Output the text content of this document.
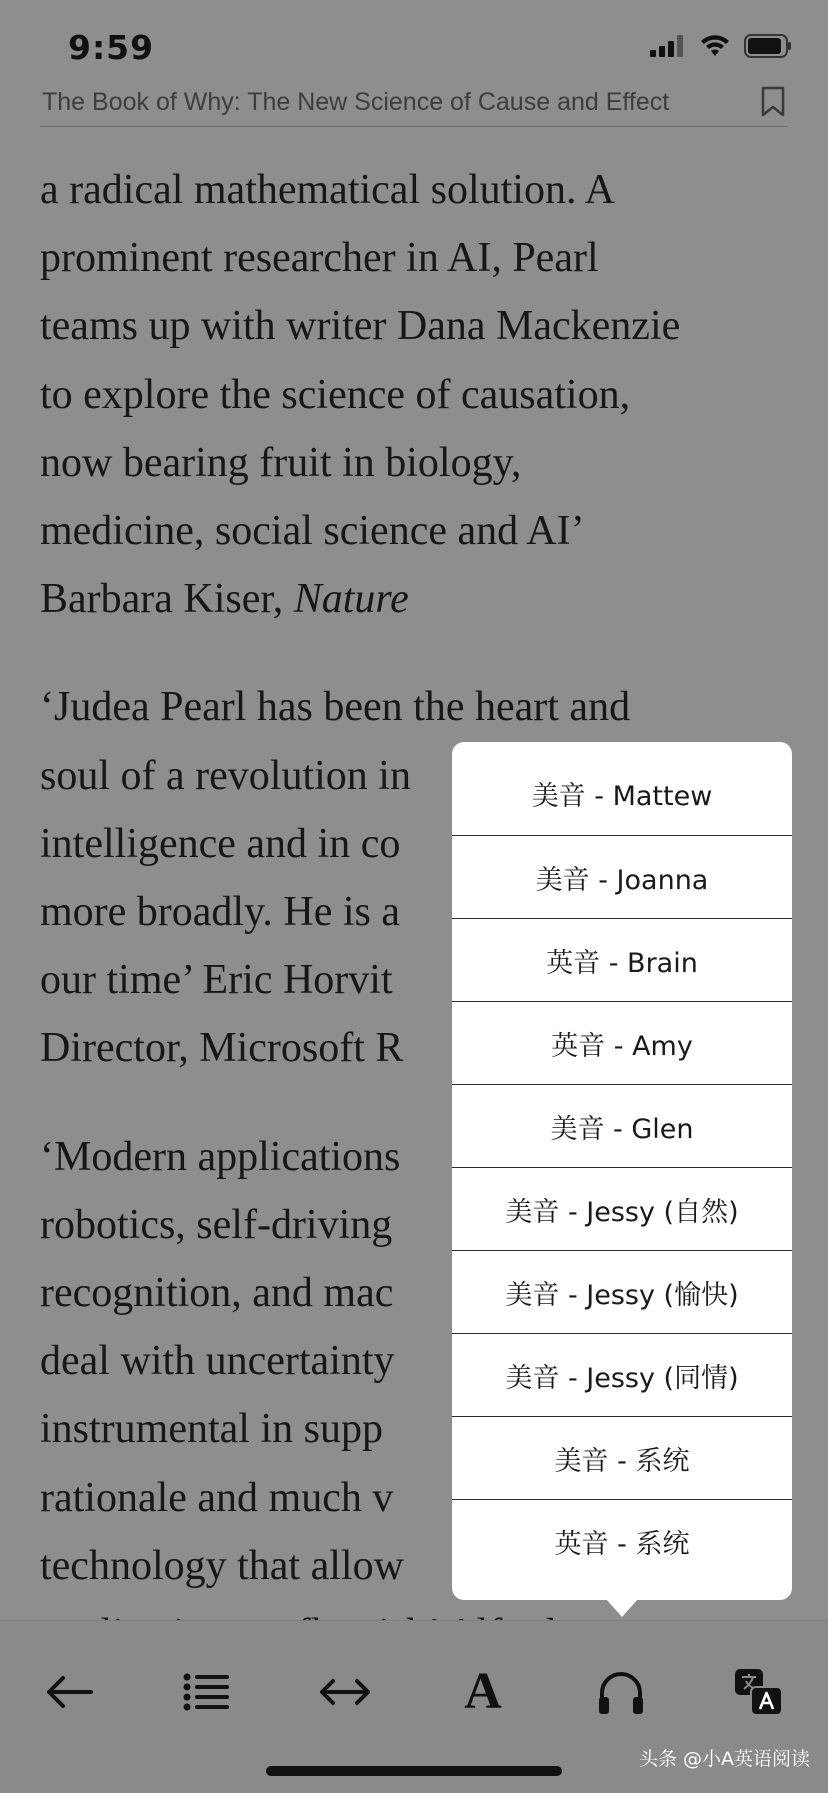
9:59
The Book of Why: The New Science of Cause and Effect

a radical mathematical solution. A
prominent researcher in AI, Pearl
teams up with writer Dana Mackenzie
to explore the science of causation,
now bearing fruit in biology,
medicine, social science and AI’
Barbara Kiser, Nature

‘Judea Pearl has been the heart and
soul of a revolution in
intelligence and in co
more broadly. He is a
our time’ Eric Horvit
Director, Microsoft R

‘Modern applications
robotics, self-driving
recognition, and mac
deal with uncertainty
instrumental in supp
rationale and much v
technology that allow

美音 - Mattew
美音 - Joanna
英音 - Brain
英音 - Amy
美音 - Glen
美音 - Jessy (自然)
美音 - Jessy (愉快)
美音 - Jessy (同情)
美音 - 系统
英音 - 系统
A
头条 @小A英语阅读
